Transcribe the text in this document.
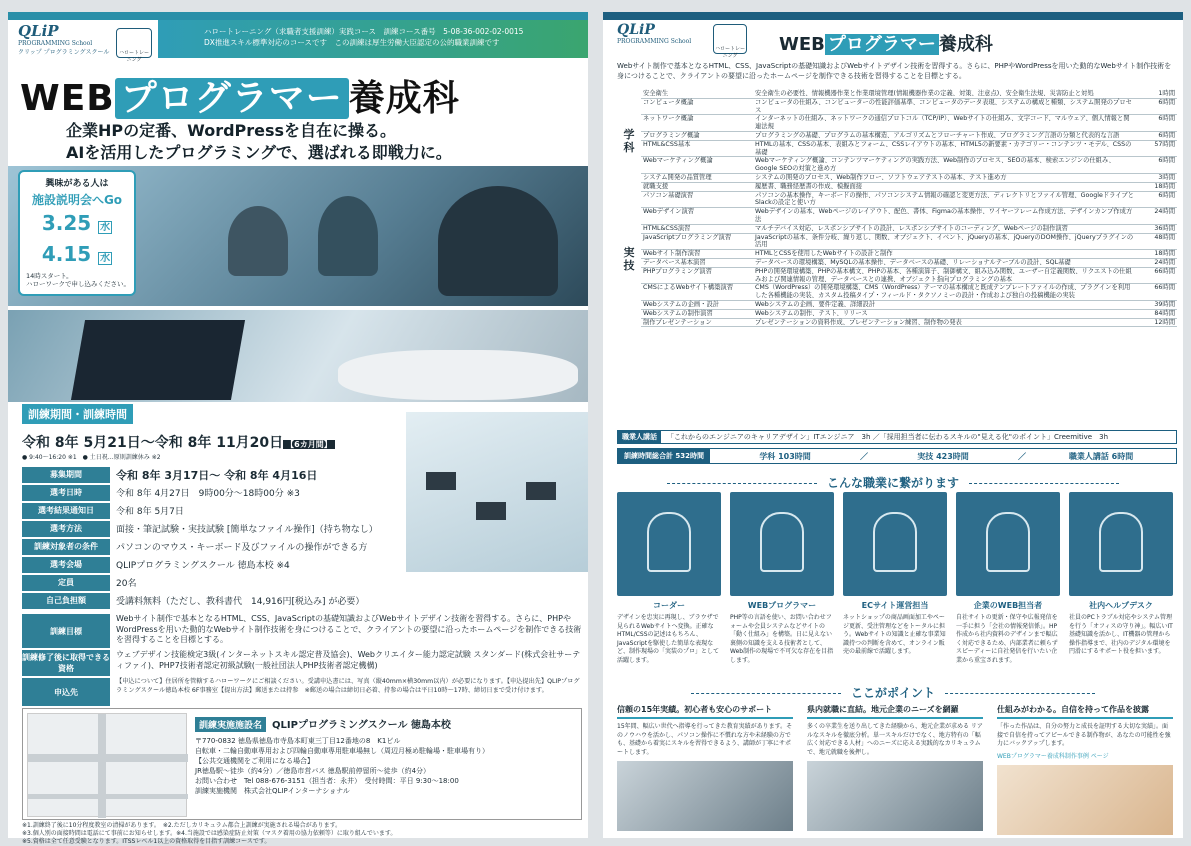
QLiP
PROGRAMMING School
クリップ プログラミングスクール	ハロートレーニング
ハロートレーニング（求職者支援訓練）実践コース　訓練コース番号　5-08-36-002-02-0015
DX推進スキル標準対応のコースです　この訓練は厚生労働大臣認定の公的職業訓練です
WEB プログラマー 養成科
企業HPの定番、WordPressを自在に操る。
AIを活用したプログラミングで、選ばれる即戦力に。
興味がある人は
施設説明会へGo
3.25 水
4.15 水
14時スタート。
ハローワークで申し込みください。
訓練期間・訓練時間
令和 8年 5月21日～令和 8年 11月20日 【6カ月間】
● 9:40～16:20 ※1　● 土日祝…原則訓練休み ※2
募集期間	令和 8年 3月17日～ 令和 8年 4月16日
選考日時	令和 8年 4月27日　9時00分～18時00分 ※3
選考結果通知日	令和 8年 5月7日
選考方法	面接・筆記試験・実技試験 [簡単なファイル操作]（持ち物なし）
訓練対象者の条件	パソコンのマウス・キーボード及びファイルの操作ができる方
選考会場	QLIPプログラミングスクール 徳島本校 ※4
定員	20名
自己負担額	受講料無料（ただし、教科書代　14,916円[税込み] が必要）
訓練目標
Webサイト制作で基本となるHTML、CSS、JavaScriptの基礎知識およびWebサイトデザイン技術を習得する。さらに、PHPやWordPressを用いた動的なWebサイト制作技術を身につけることで、クライアントの要望に沿ったホームページを制作できる技術を習得することを目標とする。
訓練修了後に取得できる資格
ウェブデザイン技能検定3級(インターネットスキル認定普及協会)、Webクリエイター能力認定試験 スタンダード(株式会社サーティファイ)、PHP7技術者認定初級試験(一般社団法人PHP技術者認定機構)
申込先
【申込について】住居所を管轄するハローワークにご相談ください。受講申込書には、写真（縦40mm×横30mm以内）が必要になります。【申込提出先】QLIPプログラミングスクール徳島本校 6F事務室【提出方法】郵送または持参　※郵送の場合は締切日必着、持参の場合は平日10時～17時、締切日まで受け付けます。
訓練実施施設名 QLIPプログラミングスクール 徳島本校

〒770-0832 徳島県徳島市寺島本町東三丁目12番地の8　K1ビル

自転車・二輪自動車専用および四輪自動車専用駐車場無し（周辺月極め駐輪場・駐車場有り）

【公共交通機関をご利用になる場合】

JR徳島駅～徒歩（約4分）／徳島市営バス 徳島駅前停留所～徒歩（約4分）

お問い合わせ　Tel 088-676-3151（担当者：永井）　受付時間：平日 9:30～18:00

訓練実施機関　株式会社QLIPインターナショナル

※1.訓練終了後に10分程度教室の清掃があります。　※2.ただしカリキュラム都合上訓練が実施される場合があります。
※3.個人別の面接時間は電話にて事前にお知らせします。※4.当施設では感染症防止対策（マスク着用の協力依頼等）に取り組んでいます。
※5.資格は全て任意受験となります。ITSSレベル1以上の資格取得を目指す訓練コースです。
QLiP
PROGRAMMING School
ハロートレーニング
WEB プログラマー 養成科
Webサイト制作で基本となるHTML、CSS、JavaScriptの基礎知識およびWebサイトデザイン技術を習得する。さらに、PHPやWordPressを用いた動的なWebサイト制作技術を身につけることで、クライアントの要望に沿ったホームページを制作できる技術を習得することを目標とする。
学科	安全衛生	安全衛生の必要性、情報機器作業と作業環境管理(情報機器作業の定義、対策、注意点)、安全衛生法規、災害防止と対処	1時間
	コンピュータ概論	コンピュータの仕組み、コンピューターの性能評価基準、コンピュータのデータ表現、システムの構成と種類、システム開発のプロセス	6時間
	ネットワーク概論	インターネットの仕組み、ネットワークの通信プロトコル（TCP/IP）、Webサイトの仕組み、文字コード、マルウェア、個人情報と関連法規	6時間
	プログラミング概論	プログラミングの基礎、プログラムの基本構造、アルゴリズムとフローチャート作成、プログラミング言語の分類と代表的な言語	6時間
	HTML&CSS基本	HTMLの基本、CSSの基本、表組みとフォーム、CSSレイアウトの基本、HTML5の新要素・カテゴリー・コンテンツ・モデル、CSSの基礎	57時間
	Webマーケティング概論	Webマーケティング概論、コンテンツマーケティングの実践方法、Web制作のプロセス、SEOの基本、検索エンジンの仕組み、Google SEOの対策と進め方	6時間
	システム開発の品質管理	システムの開発のプロセス、Web制作フロー、ソフトウェアテストの基本、テスト進め方	3時間
	就職支援	履歴書、職務経歴書の作成、模擬面接	18時間
実技	パソコン基礎演習	パソコンの基本操作、キーボードの操作、パソコンシステム情報の確認と変更方法、ディレクトリとファイル管理、GoogleドライブとSlackの設定と使い方	6時間
	Webデザイン演習	Webデザインの基本、Webページのレイアウト、配色、書体、Figmaの基本操作、ワイヤーフレーム作成方法、デザインカンプ作成方法	24時間
	HTML&CSS演習	マルチデバイス対応、レスポンシブサイトの設計、レスポンシブサイトのコーディング、Webページの制作演習	36時間
	JavaScriptプログラミング演習	JavaScriptの基本、条件分岐、繰り返し、関数、オブジェクト、イベント、jQueryの基本、jQueryのDOM操作、jQueryプラグインの活用	48時間
	Webサイト制作演習	HTMLとCSSを使用したWebサイトの設計と制作	18時間
	データベース基本演習	データベースの環境構築、MySQLの基本操作、データベースの基礎、リレーショナルテーブルの設計、SQL基礎	24時間
	PHPプログラミング演習	PHPの開発環境構築、PHPの基本構文、PHPの基本、各種演算子、制御構文、組み込み関数、ユーザー自定義関数、リクエストの仕組みおよび関連情報の管理、データベースとの連携、オブジェクト指向プログラミングの基本	66時間
	CMSによるWebサイト構築演習	CMS（WordPress）の開発環境構築、CMS（WordPress）テーマの基本構成と既成テンプレートファイルの作成、プラグインを利用した各種機能の実装、カスタム投稿タイプ・フィールド・タクソノミーの設計・作成および独自の投稿機能の実装	66時間
	Webシステムの企画・設計	Webシステムの企画、要件定義、詳細設計	39時間
	Webシステムの制作演習	Webシステムの制作、テスト、リリース	84時間
	制作プレゼンテーション	プレゼンテーションの資料作成、プレゼンテーション練習、制作物の発表	12時間
職業人講話	「これからのエンジニアのキャリアデザイン」ITエンジニア　3h ／「採用担当者に伝わるスキルの"見える化"のポイント」Creemitive　3h
訓練時間総合計 532時間	学科 103時間	／	実技 423時間	／	職業人講話 6時間
こんな職業に繋がります
コーダー
デザインを忠実に再現し、ブラウザで見られるWebサイトへ変換。正確なHTML/CSSの記述はもちろん、JavaScriptを駆使した簡単な表現など、制作現場の「実装のプロ」として活躍します。
WEBプログラマー
PHP等の言語を使い、お問い合わせフォームや会員システムなどサイトの「動く仕組み」を構築。日に見えない裏側の知識を支える技術者として、Web制作の現場で不可欠な存在を目指します。
ECサイト運営担当
ネットショップの商品画面加工やページ更新、受注管理などをトータルに担う。Webサイトの知識と止確な事業知識持つの判断を含めて、オンライン販売の最前線で活躍します。
企業のWEB担当者
自社サイトの更新・保守や広報発信を一手に担う「会社の情報発信係」。HP作成から社内資料のデザインまで幅広く対応できるため、内部業者に頼らずスピーディーに自社発信を行いたい企業から重宝されます。
社内ヘルプデスク
社員のPCトラブル対応やシステム管理を行う「オフィスの守り神」。幅広いIT基礎知識を活かし、IT機器の管理から操作指導まで、社内のデジタル環境を円滑にするサポート役を担います。
ここがポイント
信頼の15年実績。初心者も安心のサポート
15年間、幅広い世代へ指導を行ってきた教育実績があります。そのノウハウを活かし、パソコン操作に不慣れな方や未経験の方でも、基礎から着実にスキルを習得できるよう、講師が丁寧にサポートします。
県内就職に直結。地元企業のニーズを網羅
多くの卒業生を送り出してきた経験から、地元企業が求める リアルなスキルを徹底分析。単一スキルだけでなく、地方特有の「幅広く対応できる人材」へのニーズに応える実践的なカリキュラムで、地元就職を後押し。
仕組みがわかる。自信を持って作品を披露
「作った作品は、自分の努力と成長を証明する大切な実績」。面接で自信を持ってアピールできる制作物が、あなたの可能性を強力にバックアップします。
WEBプログラマー養成科制作事例 ページ
